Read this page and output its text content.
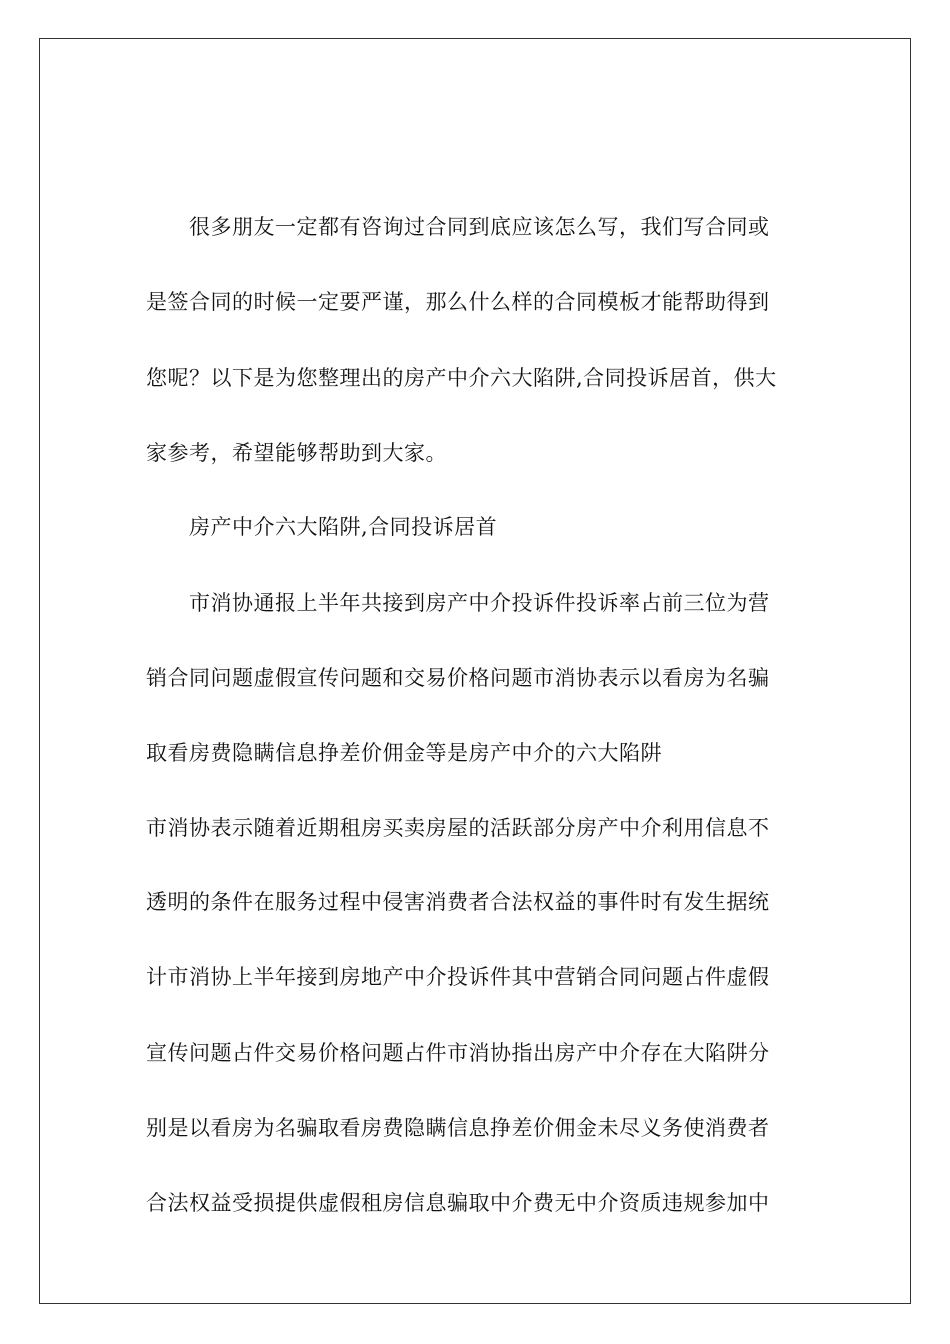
很多朋友一定都有咨询过合同到底应该怎么写，我们写合同或
是签合同的时候一定要严谨，那么什么样的合同模板才能帮助得到
您呢？以下是为您整理出的房产中介六大陷阱,合同投诉居首，供大
家参考，希望能够帮助到大家。
房产中介六大陷阱,合同投诉居首
市消协通报上半年共接到房产中介投诉件投诉率占前三位为营
销合同问题虚假宣传问题和交易价格问题市消协表示以看房为名骗
取看房费隐瞒信息挣差价佣金等是房产中介的六大陷阱
市消协表示随着近期租房买卖房屋的活跃部分房产中介利用信息不
透明的条件在服务过程中侵害消费者合法权益的事件时有发生据统
计市消协上半年接到房地产中介投诉件其中营销合同问题占件虚假
宣传问题占件交易价格问题占件市消协指出房产中介存在大陷阱分
别是以看房为名骗取看房费隐瞒信息挣差价佣金未尽义务使消费者
合法权益受损提供虚假租房信息骗取中介费无中介资质违规参加中
